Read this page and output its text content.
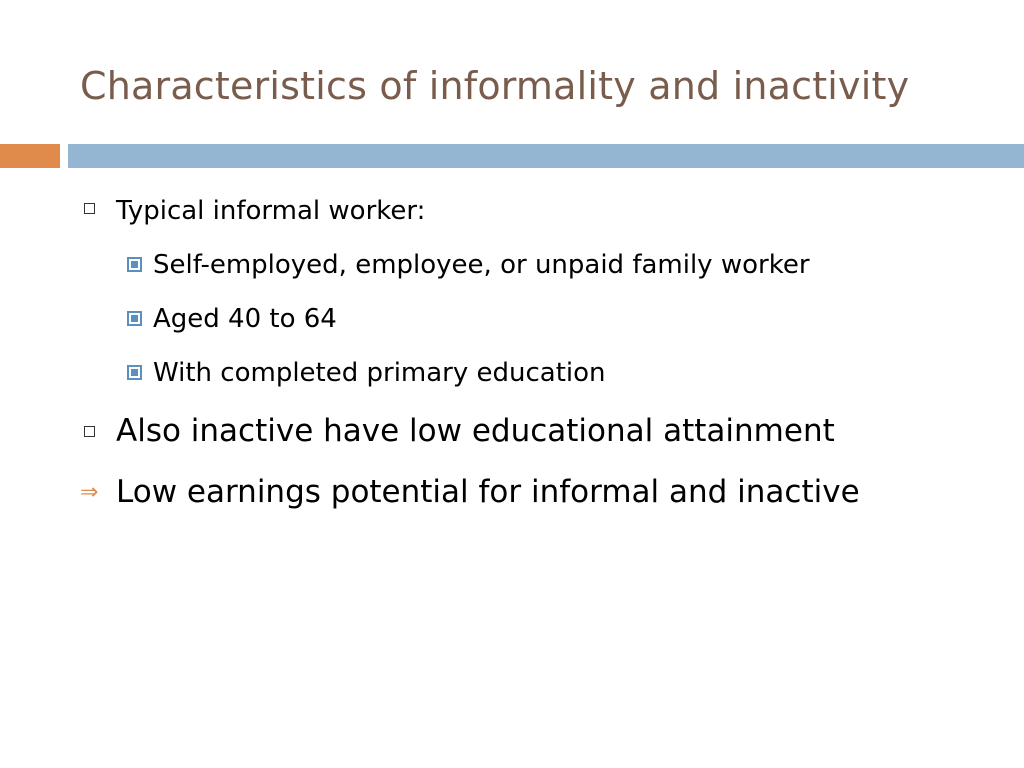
Characteristics of informality and inactivity
Typical informal worker:
Self-employed, employee, or unpaid family worker
Aged 40 to 64
With completed primary education
Also inactive have low educational attainment
⇒ Low earnings potential for informal and inactive
